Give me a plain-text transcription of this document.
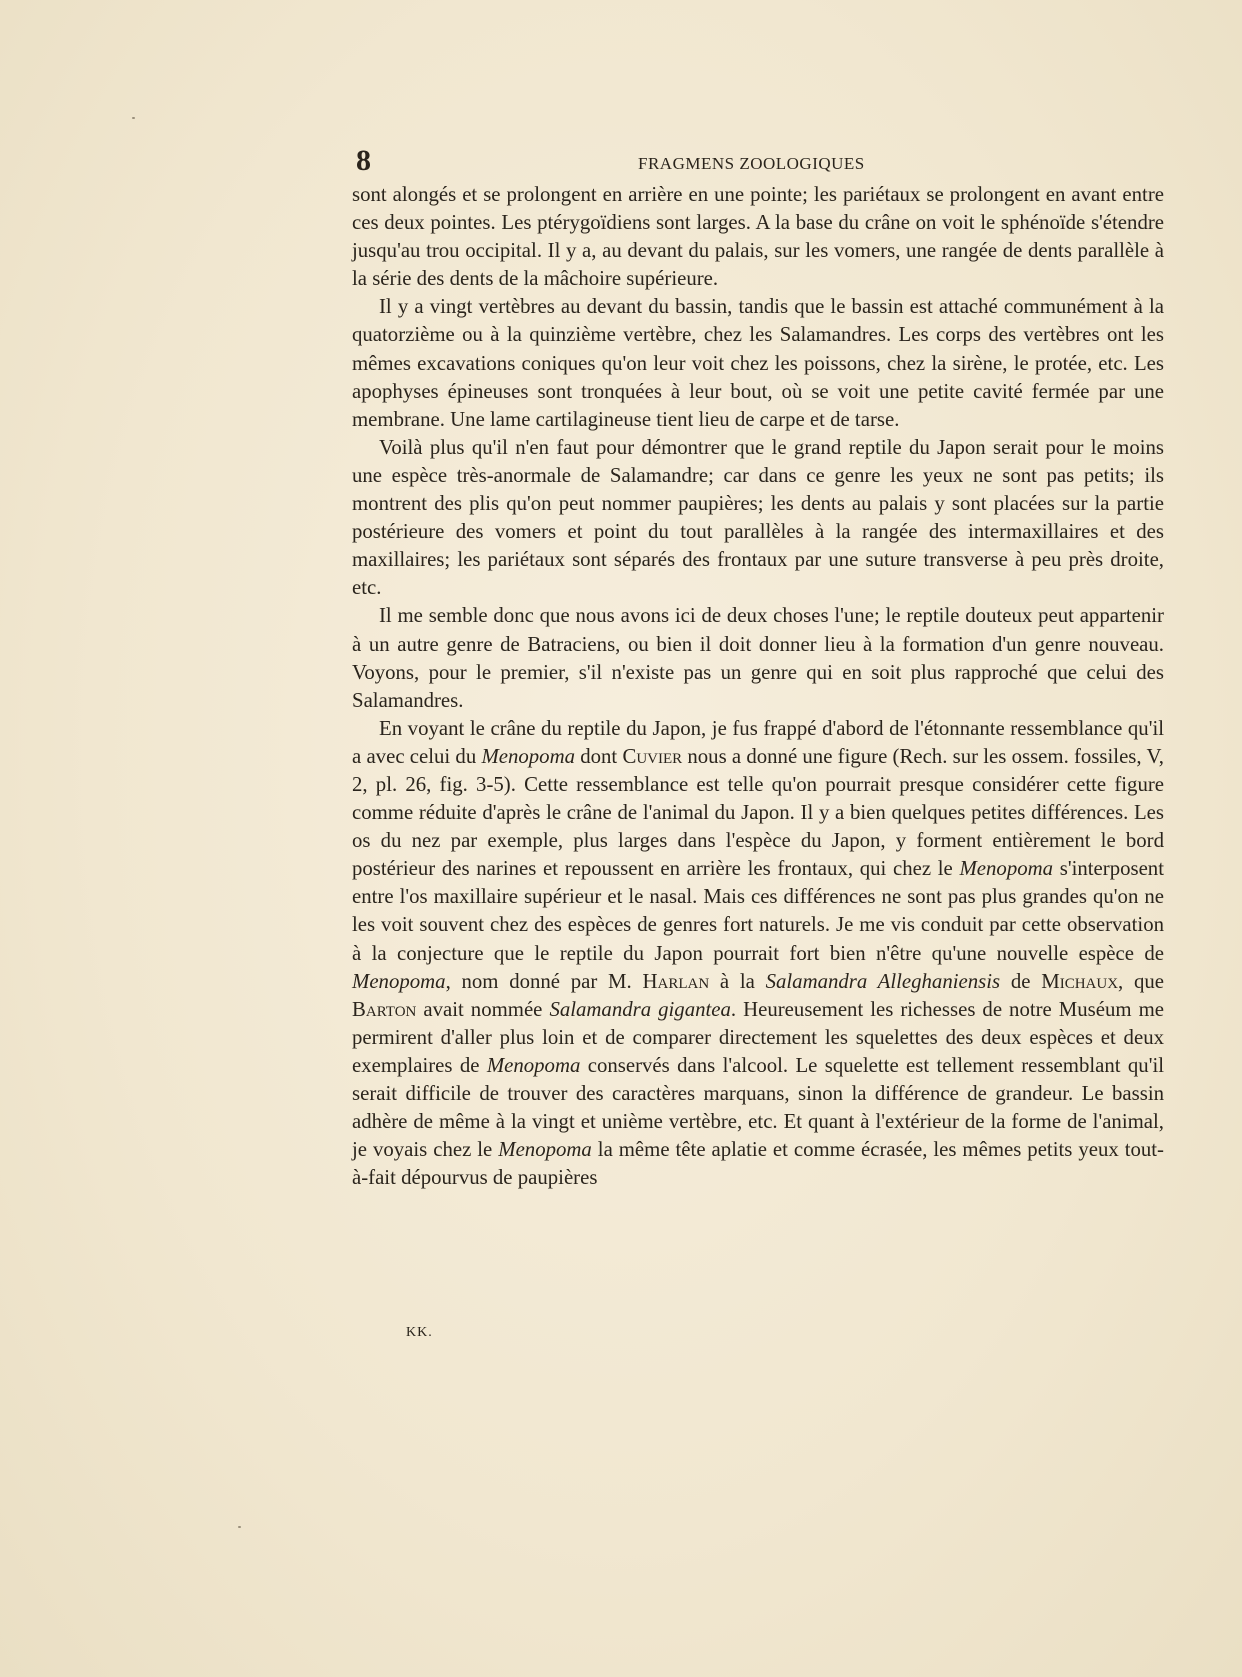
8	FRAGMENS ZOOLOGIQUES

sont alongés et se prolongent en arrière en une pointe; les pariétaux se prolongent en avant entre ces deux pointes. Les ptérygoïdiens sont larges. A la base du crâne on voit le sphénoïde s'étendre jusqu'au trou occipital. Il y a, au devant du palais, sur les vomers, une rangée de dents parallèle à la série des dents de la mâchoire supérieure.

Il y a vingt vertèbres au devant du bassin, tandis que le bassin est attaché communément à la quatorzième ou à la quinzième vertèbre, chez les Salamandres. Les corps des vertèbres ont les mêmes excavations coniques qu'on leur voit chez les poissons, chez la sirène, le protée, etc. Les apophyses épineuses sont tronquées à leur bout, où se voit une petite cavité fermée par une membrane. Une lame cartilagineuse tient lieu de carpe et de tarse.

Voilà plus qu'il n'en faut pour démontrer que le grand reptile du Japon serait pour le moins une espèce très-anormale de Salamandre; car dans ce genre les yeux ne sont pas petits; ils montrent des plis qu'on peut nommer paupières; les dents au palais y sont placées sur la partie postérieure des vomers et point du tout parallèles à la rangée des intermaxillaires et des maxillaires; les pariétaux sont séparés des frontaux par une suture transverse à peu près droite, etc.

Il me semble donc que nous avons ici de deux choses l'une; le reptile douteux peut appartenir à un autre genre de Batraciens, ou bien il doit donner lieu à la formation d'un genre nouveau. Voyons, pour le premier, s'il n'existe pas un genre qui en soit plus rapproché que celui des Salamandres.

En voyant le crâne du reptile du Japon, je fus frappé d'abord de l'étonnante ressemblance qu'il a avec celui du Menopoma dont Cuvier nous a donné une figure (Rech. sur les ossem. fossiles, V, 2, pl. 26, fig. 3-5). Cette ressemblance est telle qu'on pourrait presque considérer cette figure comme réduite d'après le crâne de l'animal du Japon. Il y a bien quelques petites différences. Les os du nez par exemple, plus larges dans l'espèce du Japon, y forment entièrement le bord postérieur des narines et repoussent en arrière les frontaux, qui chez le Menopoma s'interposent entre l'os maxillaire supérieur et le nasal. Mais ces différences ne sont pas plus grandes qu'on ne les voit souvent chez des espèces de genres fort naturels. Je me vis conduit par cette observation à la conjecture que le reptile du Japon pourrait fort bien n'être qu'une nouvelle espèce de Menopoma, nom donné par M. Harlan à la Salamandra Alleghaniensis de Michaux, que Barton avait nommée Salamandra gigantea. Heureusement les richesses de notre Muséum me permirent d'aller plus loin et de comparer directement les squelettes des deux espèces et deux exemplaires de Menopoma conservés dans l'alcool. Le squelette est tellement ressemblant qu'il serait difficile de trouver des caractères marquans, sinon la différence de grandeur. Le bassin adhère de même à la vingt et unième vertèbre, etc. Et quant à l'extérieur de la forme de l'animal, je voyais chez le Menopoma la même tête aplatie et comme écrasée, les mêmes petits yeux tout-à-fait dépourvus de paupières

KK.
